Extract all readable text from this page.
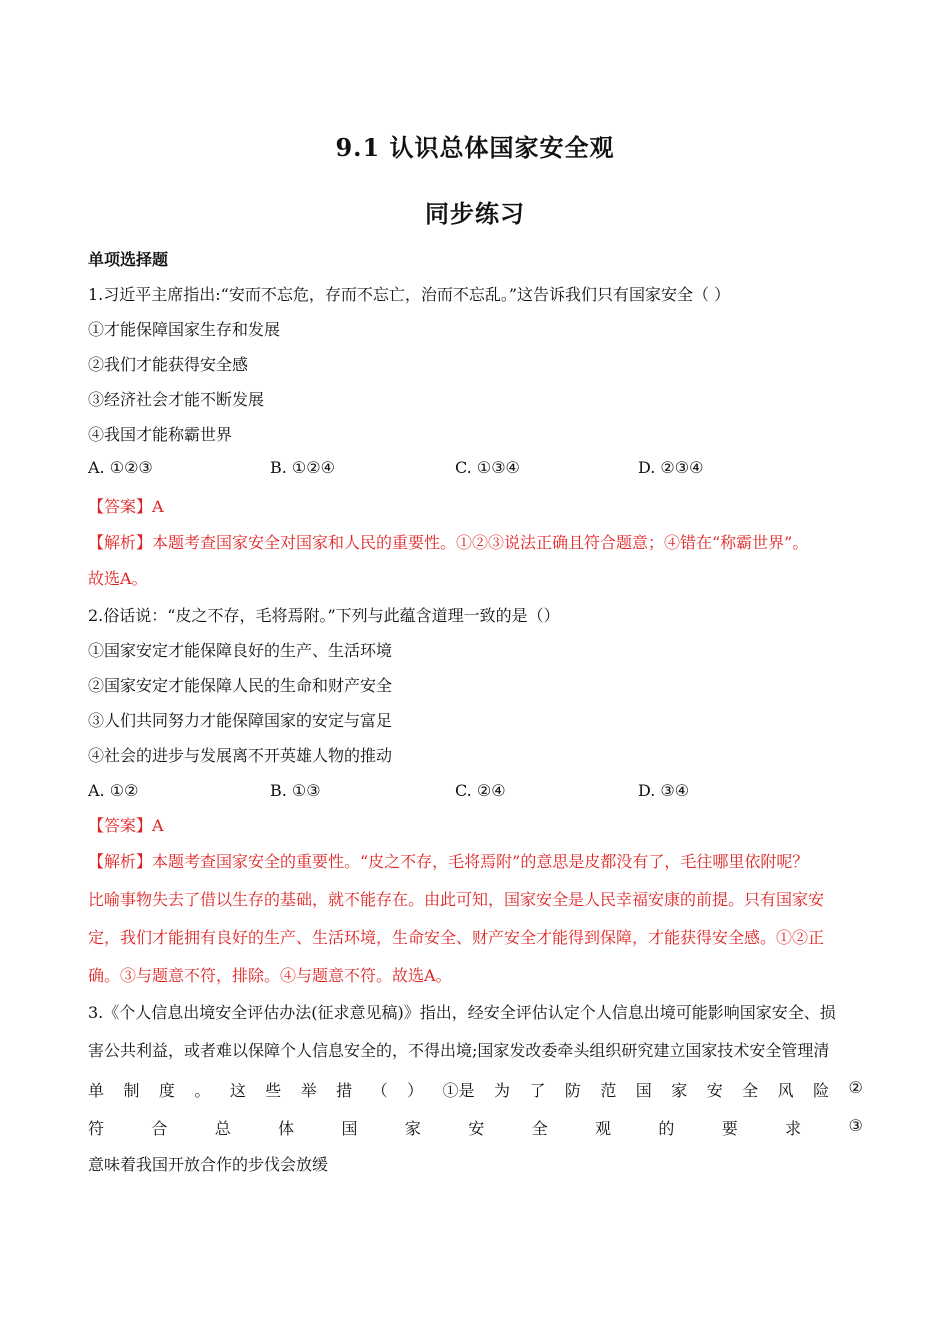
9.1 认识总体国家安全观
同步练习
单项选择题
1.习近平主席指出:“安而不忘危，存而不忘亡，治而不忘乱。”这告诉我们只有国家安全（ ）
①才能保障国家生存和发展
②我们才能获得安全感
③经济社会才能不断发展
④我国才能称霸世界
A. ①②③	B. ①②④	C. ①③④	D. ②③④
【答案】A
【解析】本题考查国家安全对国家和人民的重要性。①②③说法正确且符合题意；④错在“称霸世界”。
故选A。
2.俗话说：“皮之不存，毛将焉附。”下列与此蕴含道理一致的是（）
①国家安定才能保障良好的生产、生活环境
②国家安定才能保障人民的生命和财产安全
③人们共同努力才能保障国家的安定与富足
④社会的进步与发展离不开英雄人物的推动
A. ①②	B. ①③	C. ②④	D. ③④
【答案】A
【解析】本题考查国家安全的重要性。“皮之不存，毛将焉附”的意思是皮都没有了，毛往哪里依附呢？
比喻事物失去了借以生存的基础，就不能存在。由此可知，国家安全是人民幸福安康的前提。只有国家安
定，我们才能拥有良好的生产、生活环境，生命安全、财产安全才能得到保障，才能获得安全感。①②正
确。③与题意不符，排除。④与题意不符。故选A。
3.《个人信息出境安全评估办法(征求意见稿)》指出，经安全评估认定个人信息出境可能影响国家安全、损
害公共利益，或者难以保障个人信息安全的，不得出境;国家发改委牵头组织研究建立国家技术安全管理清
单 制 度 。 这 些 举 措 （ ） ①是 为 了 防 范 国 家 安 全 风 险 ②
符	合	总	体	国	家	安	全	观	的	要	求	③
意味着我国开放合作的步伐会放缓
